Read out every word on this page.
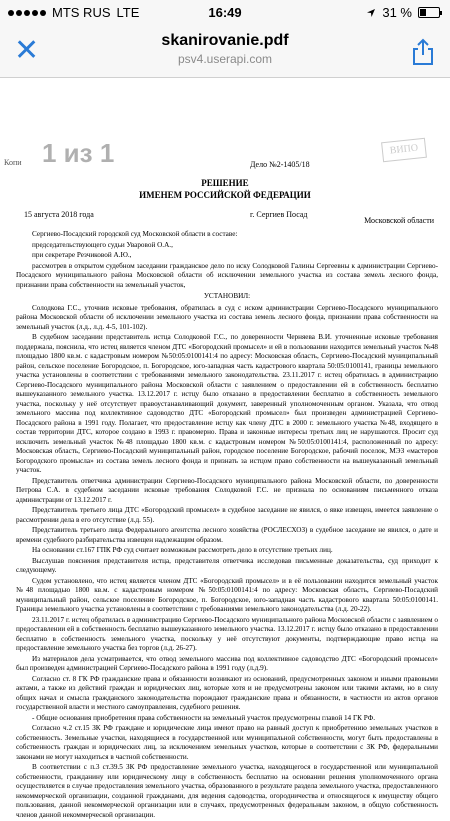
MTS RUS LTE	16:49	31 %
✕	skanirovanie.pdf
psv4.userapi.com
Копи 1 из 1	Дело №2-1405/18
ВИПО
РЕШЕНИЕ
ИМЕНЕМ РОССИЙСКОЙ ФЕДЕРАЦИИ
15 августа 2018 года	г. Сергиев Посад
Московской области

Сергиево-Посадский городской суд Московской области в составе:

председательствующего судьи Уваровой О.А.,

при секретаре Резчиковой А.Ю.,

рассмотрев в открытом судебном заседании гражданское дело по иску Солодковой Галины Сергеевны к администрации Сергиево-Посадского муниципального района Московской области об исключении земельного участка из состава земель лесного фонда, признании права собственности на земельный участок,

УСТАНОВИЛ:

Солодкова Г.С., уточнив исковые требования, обратилась в суд с иском администрации Сергиево-Посадского муниципального района Московской области об исключении земельного участка из состава земель лесного фонда, признании права собственности на земельный участок (л.д., л.д. 4-5, 101-102).

В судебном заседании представитель истца Солодковой Г.С., по доверенности Черняева В.И. уточненные исковые требования поддержала, пояснила, что истец является членом ДТС «Богородский промысел» и ей в пользовании находится земельный участок №48 площадью 1800 кв.м. с кадастровым номером №50:05:0100141:4 по адресу: Московская область, Сергиево-Посадский муниципальный район, сельское поселение Богородское, п. Богородское, юго-западная часть кадастрового квартала 50:05:0100141, границы земельного участка установлены в соответствии с требованиями земельного законодательства. 23.11.2017 г. истец обратилась в администрацию Сергиево-Посадского муниципального района Московской области с заявлением о предоставлении ей в собственность бесплатно вышеуказанного земельного участка. 13.12.2017 г. истцу было отказано в предоставлении бесплатно в собственность земельного участка, поскольку у неё отсутствует правоустанавливающий документ, заверенный уполномоченным органом. Указала, что отвод земельного массива под коллективное садоводство ДТС «Богородский промысел» был произведен администрацией Сергиево-Посадского района в 1991 году. Полагает, что предоставление истцу как члену ДТС в 2000 г. земельного участка №48, входящего в состав территории ДТС, которое создано в 1993 г. правомерно. Права и законные интересы третьих лиц не нарушаются. Просит суд исключить земельный участок №48 площадью 1800 кв.м. с кадастровым номером №50:05:0100141:4, расположенный по адресу: Московская область, Сергиево-Посадский муниципальный район, городское поселение Богородское, рабочий поселок, МЭЗ «мастеров Богородского промысла» из состава земель лесного фонда и признать за истцом право собственности на вышеуказанный земельный участок.

Представитель ответчика администрации Сергиево-Посадского муниципального района Московской области, по доверенности Петрова С.А. в судебном заседании исковые требования Солодковой Г.С. не признала по основаниям письменного отказа администрации от 13.12.2017 г.

Представитель третьего лица ДТС «Богородский промысел» в судебное заседание не явился, о явке извещен, имеется заявление о рассмотрении дела в его отсутствие (л.д. 55).

Представитель третьего лица Федерального агентства лесного хозяйства (РОСЛЕСХОЗ) в судебное заседание не явился, о дате и времени судебного разбирательства извещен надлежащим образом.

На основании ст.167 ГПК РФ суд считает возможным рассмотреть дело в отсутствие третьих лиц.

Выслушав пояснения представителя истца, представителя ответчика исследовав письменные доказательства, суд приходит к следующему.

Судом установлено, что истец является членом ДТС «Богородский промысел» и в её пользовании находится земельный участок №48 площадью 1800 кв.м. с кадастровым номером №50:05:0100141:4 по адресу: Московская область, Сергиево-Посадский муниципальный район, сельское поселение Богородское, п. Богородское, юго-западная часть кадастрового квартала 50:05:0100141. Границы земельного участка установлены в соответствии с требованиями земельного законодательства (л.д. 20-22).

23.11.2017 г. истец обратилась в администрацию Сергиево-Посадского муниципального района Московской области с заявлением о предоставлении ей в собственность бесплатно вышеуказанного земельного участка. 13.12.2017 г. истцу было отказано в предоставлении бесплатно в собственность земельного участка, поскольку у неё отсутствуют документы, подтверждающие право истца на предоставление земельного участка без торгов (л.д. 26-27).

Из материалов дела усматривается, что отвод земельного массива под коллективное садоводство ДТС «Богородский промысел» был произведен администрацией Сергиево-Посадского района в 1991 году (л.д.9).

Согласно ст. 8 ГК РФ гражданские права и обязанности возникают из оснований, предусмотренных законом и иными правовыми актами, а также из действий граждан и юридических лиц, которые хотя и не предусмотрены законом или такими актами, но в силу общих начал и смысла гражданского законодательства порождают гражданские права и обязанности, в частности из актов органов государственной власти и местного самоуправления, судебного решения.

- Общие основания приобретения права собственности на земельный участок предусмотрены главой 14 ГК РФ.

Согласно ч.2 ст.15 ЗК РФ граждане и юридические лица имеют право на равный доступ к приобретению земельных участков в собственность. Земельные участки, находящиеся в государственной или муниципальной собственности, могут быть предоставлены в собственность граждан и юридических лиц, за исключением земельных участков, которые в соответствии с ЗК РФ, федеральными законами не могут находиться в частной собственности.

В соответствии с п.3 ст.39.5 ЗК РФ предоставление земельного участка, находящегося в государственной или муниципальной собственности, гражданину или юридическому лицу в собственность бесплатно на основании решения уполномоченного органа осуществляется в случае предоставления земельного участка, образованного в результате раздела земельного участка, предоставленного некоммерческой организации, созданной гражданами, для ведения садоводства, огородничества и относящегося к имуществу общего пользования, данной некоммерческой организации или в случаях, предусмотренных федеральным законом, в общую собственность членов данной некоммерческой организации.
